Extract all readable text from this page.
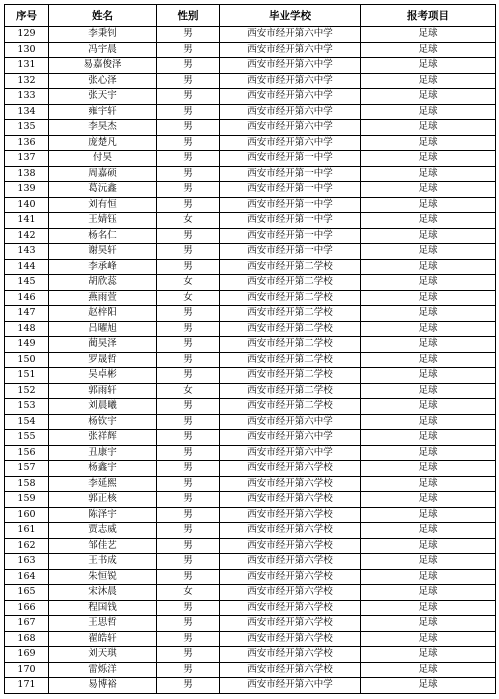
序号	姓名	性别	毕业学校	报考项目
129	李秉钊	男	西安市经开第六中学	足球
130	冯宇晨	男	西安市经开第六中学	足球
131	易嘉俊泽	男	西安市经开第六中学	足球
132	张心泽	男	西安市经开第六中学	足球
133	张天宇	男	西安市经开第六中学	足球
134	雍宇轩	男	西安市经开第六中学	足球
135	李昊杰	男	西安市经开第六中学	足球
136	庞楚凡	男	西安市经开第六中学	足球
137	付昊	男	西安市经开第一中学	足球
138	周嘉硕	男	西安市经开第一中学	足球
139	葛沅鑫	男	西安市经开第一中学	足球
140	刘有恒	男	西安市经开第一中学	足球
141	王婧钰	女	西安市经开第一中学	足球
142	杨名仁	男	西安市经开第一中学	足球
143	谢昊轩	男	西安市经开第一中学	足球
144	李承峰	男	西安市经开第二学校	足球
145	胡欣蕊	女	西安市经开第二学校	足球
146	燕雨萱	女	西安市经开第二学校	足球
147	赵梓阳	男	西安市经开第二学校	足球
148	吕曜旭	男	西安市经开第二学校	足球
149	蔺昊泽	男	西安市经开第二学校	足球
150	罗晟哲	男	西安市经开第二学校	足球
151	吴卓彬	男	西安市经开第二学校	足球
152	郭雨轩	女	西安市经开第二学校	足球
153	刘晨曦	男	西安市经开第二学校	足球
154	杨钦宇	男	西安市经开第六中学	足球
155	张祥辉	男	西安市经开第六中学	足球
156	丑康宇	男	西安市经开第六中学	足球
157	杨鑫宇	男	西安市经开第六学校	足球
158	李延熙	男	西安市经开第六学校	足球
159	郭正核	男	西安市经开第六学校	足球
160	陈泽宇	男	西安市经开第六学校	足球
161	贾志威	男	西安市经开第六学校	足球
162	邹佳艺	男	西安市经开第六学校	足球
163	王书成	男	西安市经开第六学校	足球
164	朱恒锐	男	西安市经开第六学校	足球
165	宋沐晨	女	西安市经开第六学校	足球
166	程国钱	男	西安市经开第六学校	足球
167	王思哲	男	西安市经开第六学校	足球
168	翟皓轩	男	西安市经开第六学校	足球
169	刘天琪	男	西安市经开第六学校	足球
170	雷烁洋	男	西安市经开第六学校	足球
171	易博裕	男	西安市经开第六中学	足球
